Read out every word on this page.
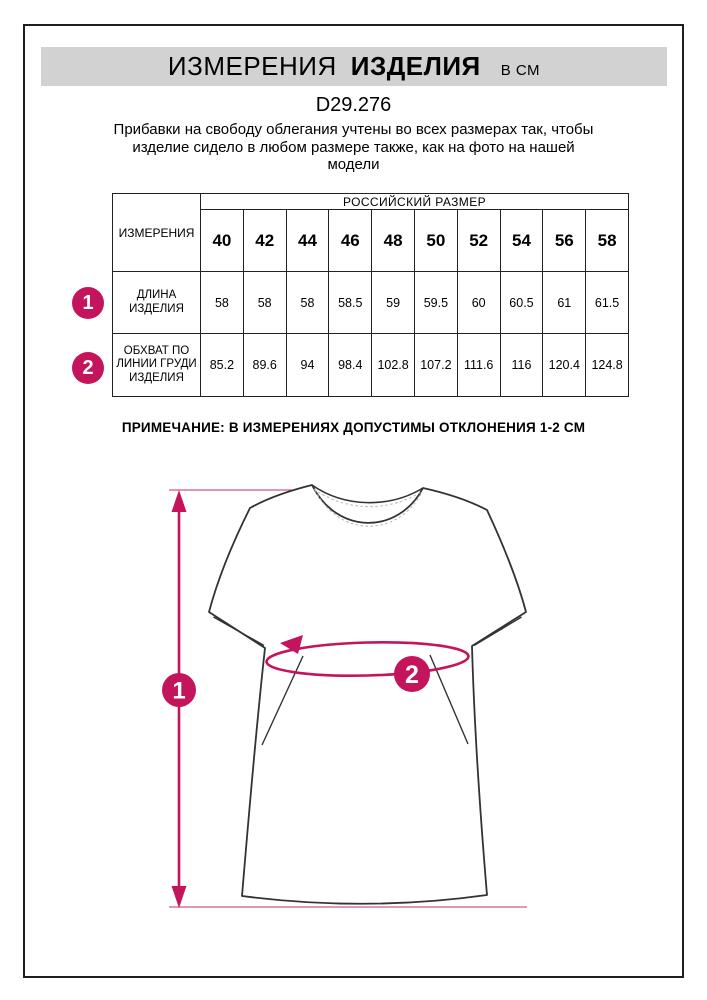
ИЗМЕРЕНИЯ ИЗДЕЛИЯ В СМ
D29.276
Прибавки на свободу облегания учтены во всех размерах так, чтобы
изделие сидело в любом размере также, как на фото на нашей
модели
ИЗМЕРЕНИЯ	РОССИЙСКИЙ РАЗМЕР									
	40	42	44	46	48	50	52	54	56	58
ДЛИНА ИЗДЕЛИЯ	58	58	58	58.5	59	59.5	60	60.5	61	61.5
ОБХВАТ ПО ЛИНИИ ГРУДИ ИЗДЕЛИЯ	85.2	89.6	94	98.4	102.8	107.2	111.6	116	120.4	124.8
1
2
ПРИМЕЧАНИЕ: В ИЗМЕРЕНИЯХ ДОПУСТИМЫ ОТКЛОНЕНИЯ 1-2 СМ
1
2
